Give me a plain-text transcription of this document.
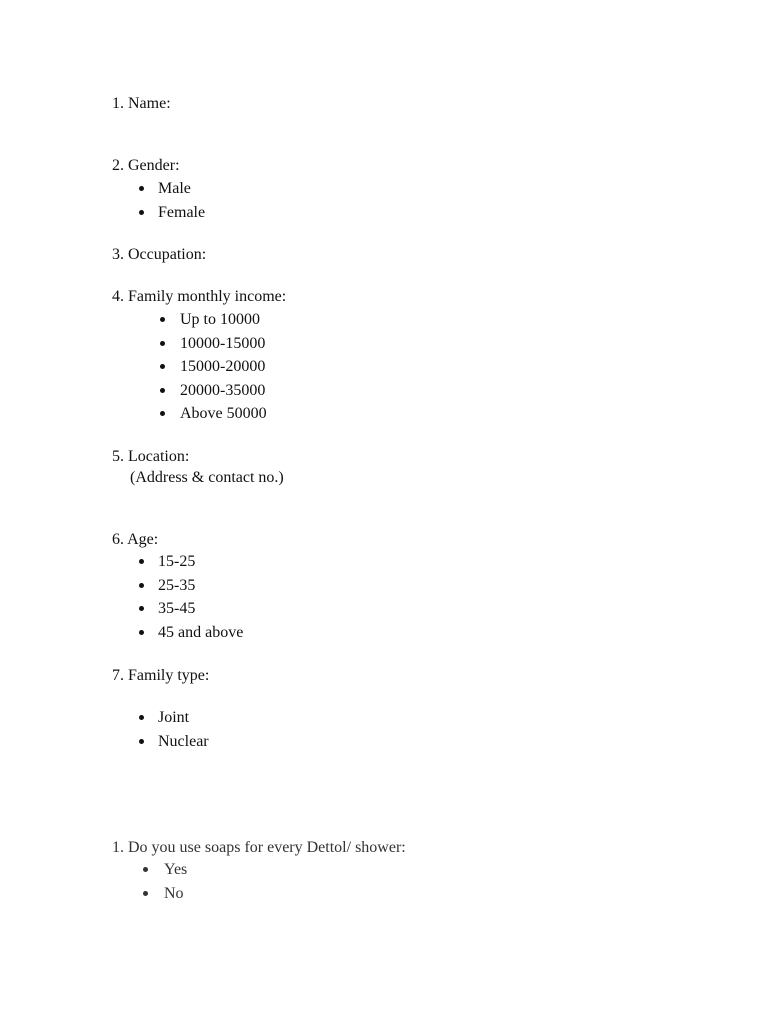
1. Name:
2. Gender:
Male
Female
3. Occupation:
4. Family monthly income:
Up to 10000
10000-15000
15000-20000
20000-35000
Above 50000
5. Location:
(Address & contact no.)
6. Age:
15-25
25-35
35-45
45 and above
7. Family type:
Joint
Nuclear
1. Do you use soaps for every Dettol/ shower:
Yes
No
